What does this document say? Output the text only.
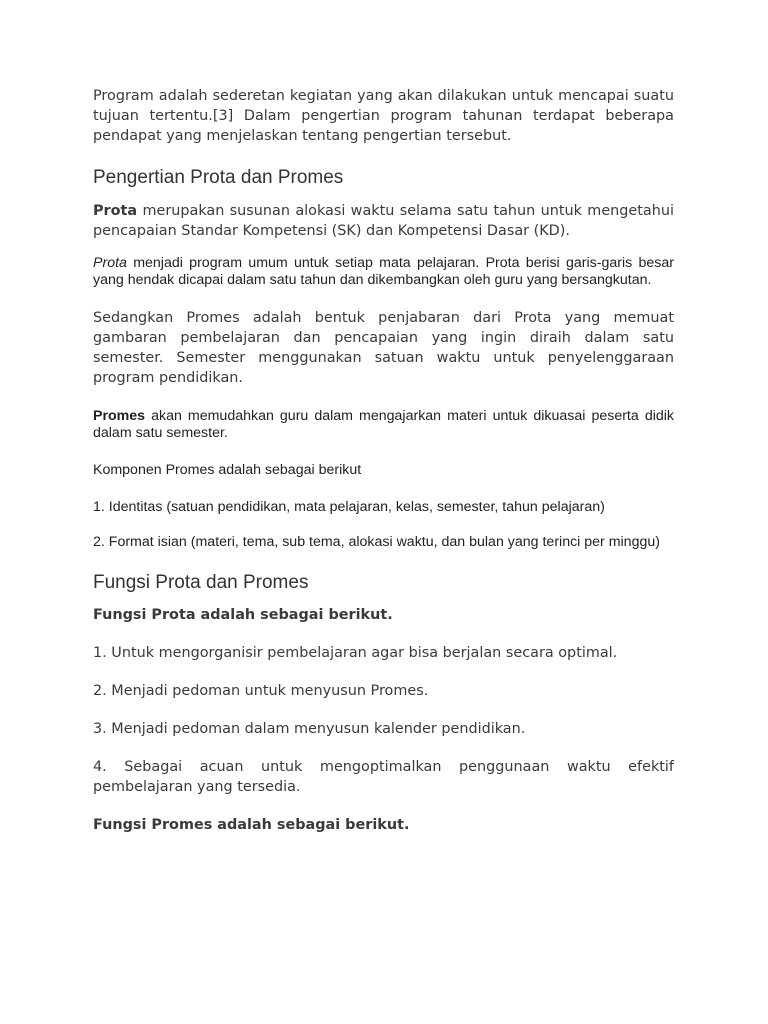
Program adalah sederetan kegiatan yang akan dilakukan untuk mencapai suatu tujuan tertentu.[3] Dalam pengertian program tahunan terdapat beberapa pendapat yang menjelaskan tentang pengertian tersebut.

Pengertian Prota dan Promes

Prota merupakan susunan alokasi waktu selama satu tahun untuk mengetahui pencapaian Standar Kompetensi (SK) dan Kompetensi Dasar (KD).

Prota menjadi program umum untuk setiap mata pelajaran. Prota berisi garis-garis besar yang hendak dicapai dalam satu tahun dan dikembangkan oleh guru yang bersangkutan.

Sedangkan Promes adalah bentuk penjabaran dari Prota yang memuat gambaran pembelajaran dan pencapaian yang ingin diraih dalam satu semester. Semester menggunakan satuan waktu untuk penyelenggaraan program pendidikan.

Promes akan memudahkan guru dalam mengajarkan materi untuk dikuasai peserta didik dalam satu semester.

Komponen Promes adalah sebagai berikut

1. Identitas (satuan pendidikan, mata pelajaran, kelas, semester, tahun pelajaran)

2. Format isian (materi, tema, sub tema, alokasi waktu, dan bulan yang terinci per minggu)

Fungsi Prota dan Promes

Fungsi Prota adalah sebagai berikut.

1. Untuk mengorganisir pembelajaran agar bisa berjalan secara optimal.

2. Menjadi pedoman untuk menyusun Promes.

3. Menjadi pedoman dalam menyusun kalender pendidikan.

4. Sebagai acuan untuk mengoptimalkan penggunaan waktu efektif pembelajaran yang tersedia.

Fungsi Promes adalah sebagai berikut.
